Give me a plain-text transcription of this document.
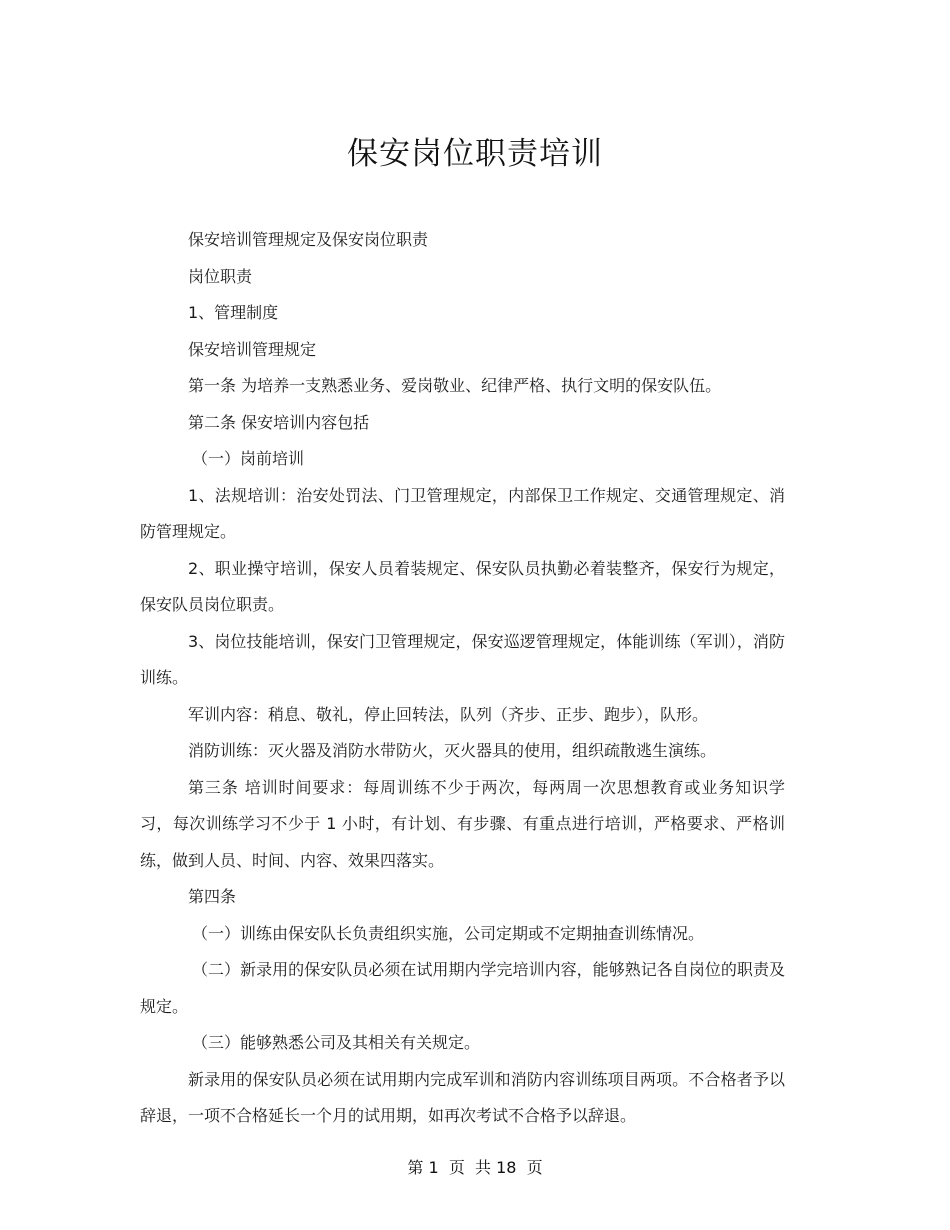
保安岗位职责培训

保安培训管理规定及保安岗位职责

岗位职责

1、管理制度

保安培训管理规定

第一条 为培养一支熟悉业务、爱岗敬业、纪律严格、执行文明的保安队伍。

第二条 保安培训内容包括

（一）岗前培训

1、法规培训：治安处罚法、门卫管理规定，内部保卫工作规定、交通管理规定、消防管理规定。

2、职业操守培训，保安人员着装规定、保安队员执勤必着装整齐，保安行为规定，保安队员岗位职责。

3、岗位技能培训，保安门卫管理规定，保安巡逻管理规定，体能训练（军训），消防训练。

军训内容：稍息、敬礼，停止回转法，队列（齐步、正步、跑步），队形。

消防训练：灭火器及消防水带防火，灭火器具的使用，组织疏散逃生演练。

第三条 培训时间要求：每周训练不少于两次，每两周一次思想教育或业务知识学习，每次训练学习不少于 1 小时，有计划、有步骤、有重点进行培训，严格要求、严格训练，做到人员、时间、内容、效果四落实。

第四条

（一）训练由保安队长负责组织实施，公司定期或不定期抽查训练情况。

（二）新录用的保安队员必须在试用期内学完培训内容，能够熟记各自岗位的职责及规定。

（三）能够熟悉公司及其相关有关规定。

新录用的保安队员必须在试用期内完成军训和消防内容训练项目两项。不合格者予以辞退，一项不合格延长一个月的试用期，如再次考试不合格予以辞退。

第 1  页  共 18  页
